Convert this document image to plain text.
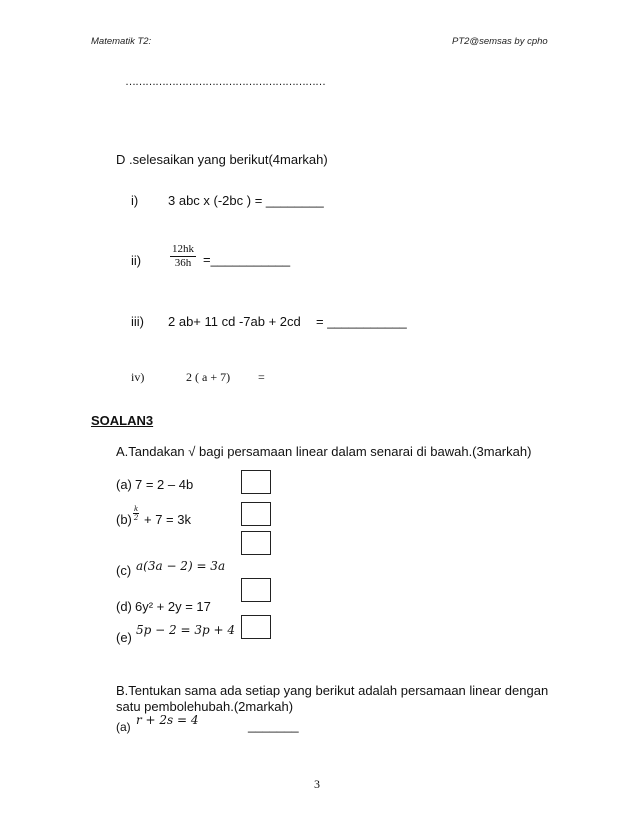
Matematik T2:	PT2@semsas by cpho
……………………………………………………
D .selesaikan yang berikut(4markah)
i) 3 abc x (-2bc ) = ________
ii)	$\frac{12hk}{36h}$ =___________
iii) 2 ab+ 11 cd -7ab + 2cd = ___________
iv)	2 ( a + 7) =
SOALAN3
A.Tandakan √ bagi persamaan linear dalam senarai di bawah.(3markah)
(a) 7 = 2 – 4b
$(b) \frac{k}{2} + 7 = 3k$
(c) a(3a − 2) = 3a
(d) 6y² + 2y = 17
(e) 5p − 2 = 3p + 4
B.Tentukan sama ada setiap yang berikut adalah persamaan linear dengan
satu pembolehubah.(2markah)
(a) r + 2s = 4	_______
3
